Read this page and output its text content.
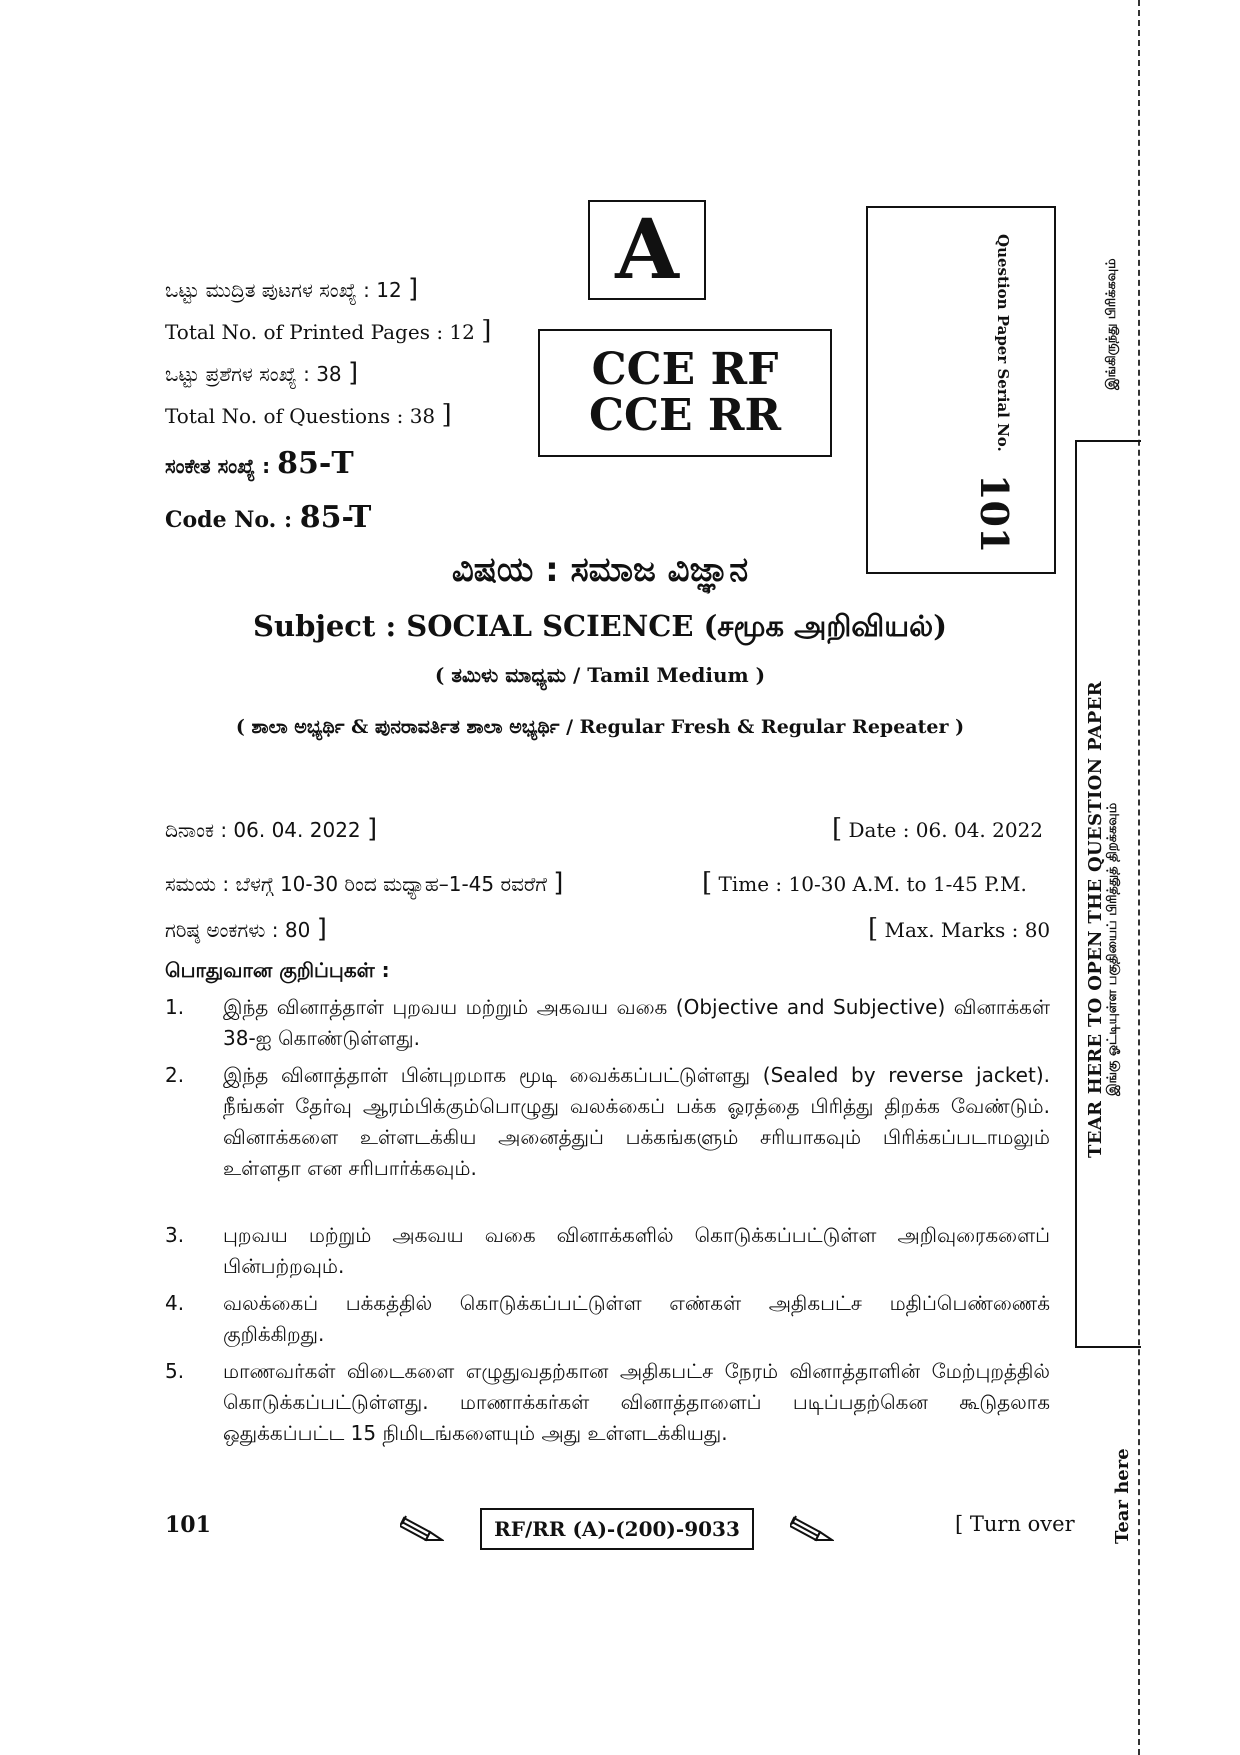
ಒಟ್ಟು ಮುದ್ರಿತ ಪುಟಗಳ ಸಂಖ್ಯೆ : 12 ]
Total No. of Printed Pages : 12 ]
ಒಟ್ಟು ಪ್ರಶೆಗಳ ಸಂಖ್ಯೆ : 38 ]
Total No. of Questions : 38 ]
ಸಂಕೇತ ಸಂಖ್ಯೆ : 85-T
Code No. : 85-T
A
CCE RF
CCE RR	Question Paper Serial No.
101
இங்கிருந்து பிரிக்கவும்
TEAR HERE TO OPEN THE QUESTION PAPER இங்கு ஓட்டியுள்ள பகுதியைப் பிரித்துத் திறக்கவும்
Tear here
ವಿಷಯ : ಸಮಾಜ ವಿಜ್ಞಾನ
Subject : SOCIAL SCIENCE (சமூக அறிவியல்)
( ತಮಿಳು ಮಾಧ್ಯಮ / Tamil Medium )
( ಶಾಲಾ ಅಭ್ಯರ್ಥಿ & ಪುನರಾವರ್ತಿತ ಶಾಲಾ ಅಭ್ಯರ್ಥಿ / Regular Fresh & Regular Repeater )
ದಿನಾಂಕ : 06. 04. 2022 ]	[ Date : 06. 04. 2022
ಸಮಯ : ಬೆಳಗ್ಗೆ 10-30 ರಿಂದ ಮಧ್ಯಾಹ–1-45 ರವರೆಗೆ ]	[ Time : 10-30 A.M. to 1-45 P.M.
ಗರಿಷ್ಠ ಅಂಕಗಳು : 80 ]	[ Max. Marks : 80
பொதுவான குறிப்புகள் :
1. இந்த வினாத்தாள் புறவய மற்றும் அகவய வகை (Objective and Subjective) வினாக்கள் 38-ஐ கொண்டுள்ளது.
2. இந்த வினாத்தாள் பின்புறமாக மூடி வைக்கப்பட்டுள்ளது (Sealed by reverse jacket). நீங்கள் தேர்வு ஆரம்பிக்கும்பொழுது வலக்கைப் பக்க ஓரத்தை பிரித்து திறக்க வேண்டும். வினாக்களை உள்ளடக்கிய அனைத்துப் பக்கங்களும் சரியாகவும் பிரிக்கப்படாமலும் உள்ளதா என சரிபார்க்கவும்.
3. புறவய மற்றும் அகவய வகை வினாக்களில் கொடுக்கப்பட்டுள்ள அறிவுரைகளைப் பின்பற்றவும்.
4. வலக்கைப் பக்கத்தில் கொடுக்கப்பட்டுள்ள எண்கள் அதிகபட்ச மதிப்பெண்ணைக் குறிக்கிறது.
5. மாணவர்கள் விடைகளை எழுதுவதற்கான அதிகபட்ச நேரம் வினாத்தாளின் மேற்புறத்தில் கொடுக்கப்பட்டுள்ளது. மாணாக்கர்கள் வினாத்தாளைப் படிப்பதற்கென கூடுதலாக ஒதுக்கப்பட்ட 15 நிமிடங்களையும் அது உள்ளடக்கியது.
101	RF/RR (A)-(200)-9033	[ Turn over
